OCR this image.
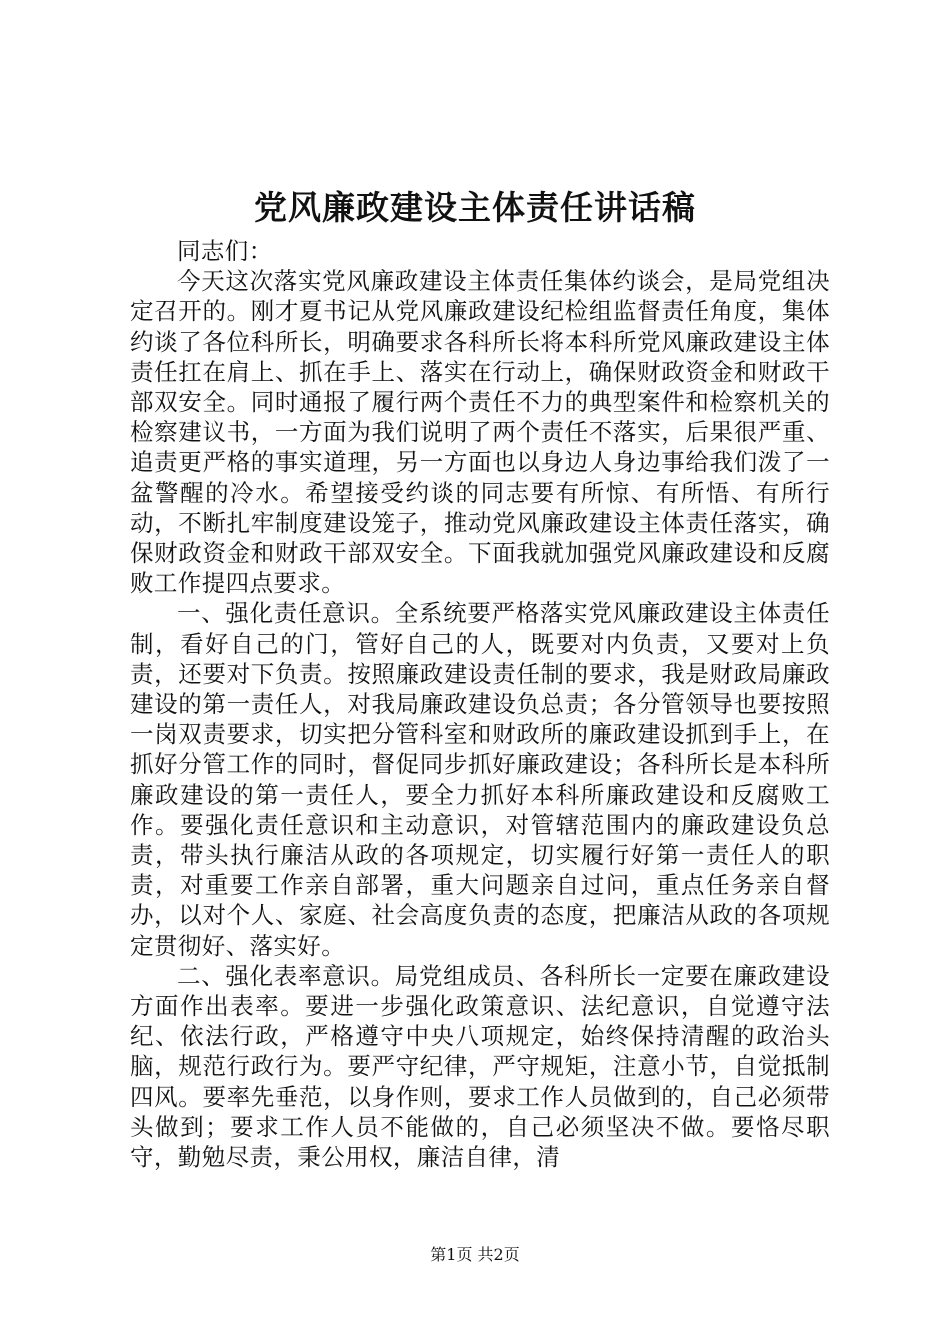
党风廉政建设主体责任讲话稿

同志们：

今天这次落实党风廉政建设主体责任集体约谈会，是局党组决定召开的。刚才夏书记从党风廉政建设纪检组监督责任角度，集体约谈了各位科所长，明确要求各科所长将本科所党风廉政建设主体责任扛在肩上、抓在手上、落实在行动上，确保财政资金和财政干部双安全。同时通报了履行两个责任不力的典型案件和检察机关的检察建议书，一方面为我们说明了两个责任不落实，后果很严重、追责更严格的事实道理，另一方面也以身边人身边事给我们泼了一盆警醒的冷水。希望接受约谈的同志要有所惊、有所悟、有所行动，不断扎牢制度建设笼子，推动党风廉政建设主体责任落实，确保财政资金和财政干部双安全。下面我就加强党风廉政建设和反腐败工作提四点要求。

一、强化责任意识。全系统要严格落实党风廉政建设主体责任制，看好自己的门，管好自己的人，既要对内负责，又要对上负责，还要对下负责。按照廉政建设责任制的要求，我是财政局廉政建设的第一责任人，对我局廉政建设负总责；各分管领导也要按照一岗双责要求，切实把分管科室和财政所的廉政建设抓到手上，在抓好分管工作的同时，督促同步抓好廉政建设；各科所长是本科所廉政建设的第一责任人，要全力抓好本科所廉政建设和反腐败工作。要强化责任意识和主动意识，对管辖范围内的廉政建设负总责，带头执行廉洁从政的各项规定，切实履行好第一责任人的职责，对重要工作亲自部署，重大问题亲自过问，重点任务亲自督办，以对个人、家庭、社会高度负责的态度，把廉洁从政的各项规定贯彻好、落实好。

二、强化表率意识。局党组成员、各科所长一定要在廉政建设方面作出表率。要进一步强化政策意识、法纪意识，自觉遵守法纪、依法行政，严格遵守中央八项规定，始终保持清醒的政治头脑，规范行政行为。要严守纪律，严守规矩，注意小节，自觉抵制四风。要率先垂范，以身作则，要求工作人员做到的，自己必须带头做到；要求工作人员不能做的，自己必须坚决不做。要恪尽职守，勤勉尽责，秉公用权，廉洁自律，清

第1页 共2页
